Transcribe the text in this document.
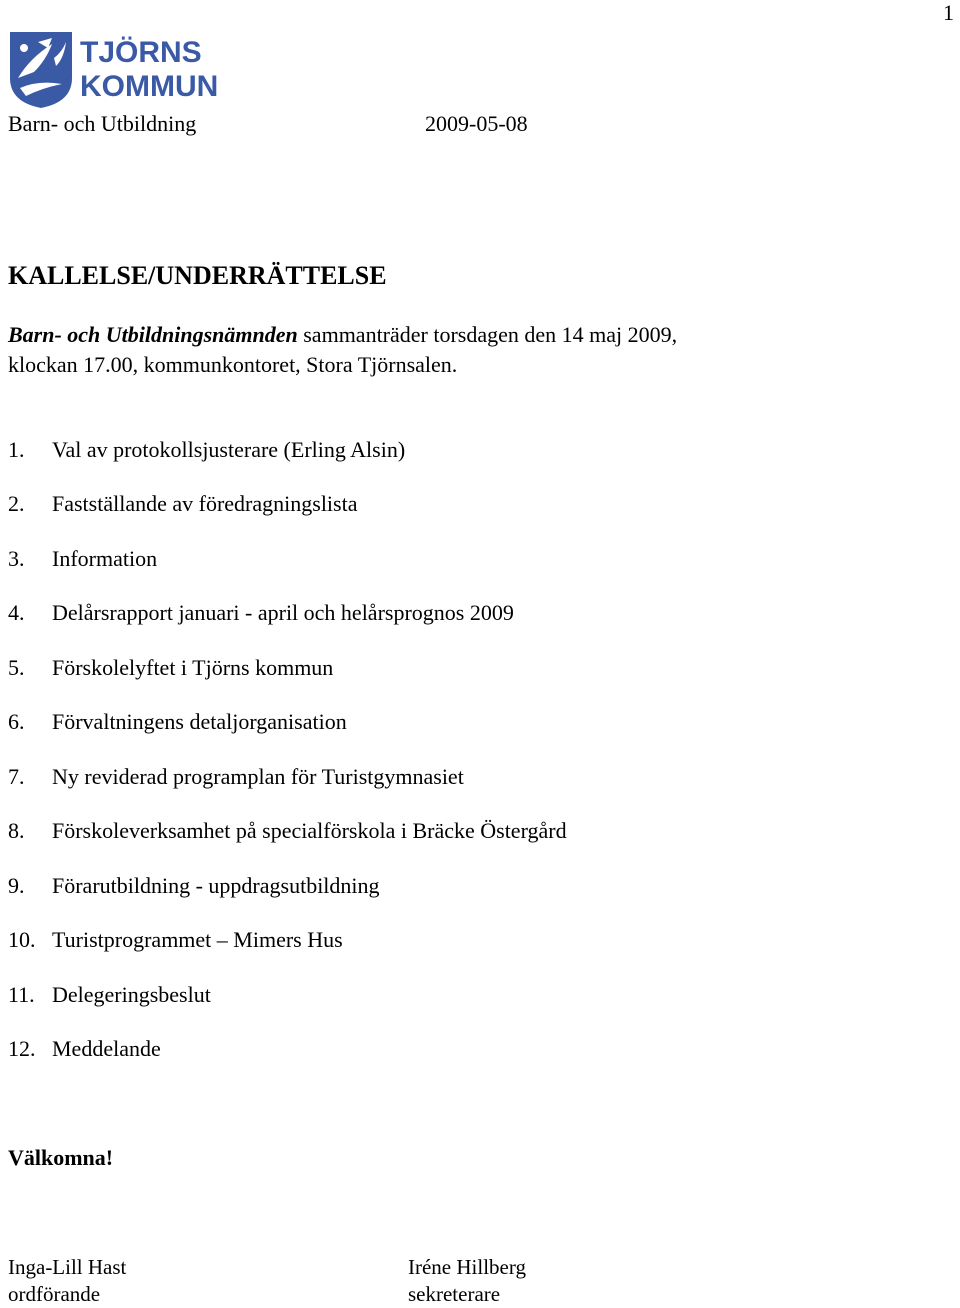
1
TJÖRNS
KOMMUN
Barn- och Utbildning	2009-05-08
KALLELSE/UNDERRÄTTELSE
Barn- och Utbildningsnämnden sammanträder torsdagen den 14 maj 2009,
klockan 17.00, kommunkontoret, Stora Tjörnsalen.
1. Val av protokollsjusterare (Erling Alsin)
2. Fastställande av föredragningslista
3. Information
4. Delårsrapport januari - april och helårsprognos 2009
5. Förskolelyftet i Tjörns kommun
6. Förvaltningens detaljorganisation
7. Ny reviderad programplan för Turistgymnasiet
8. Förskoleverksamhet på specialförskola i Bräcke Östergård
9. Förarutbildning - uppdragsutbildning
10. Turistprogrammet – Mimers Hus
11. Delegeringsbeslut
12. Meddelande
Välkomna!
Inga-Lill Hast
ordförande
Iréne Hillberg
sekreterare
